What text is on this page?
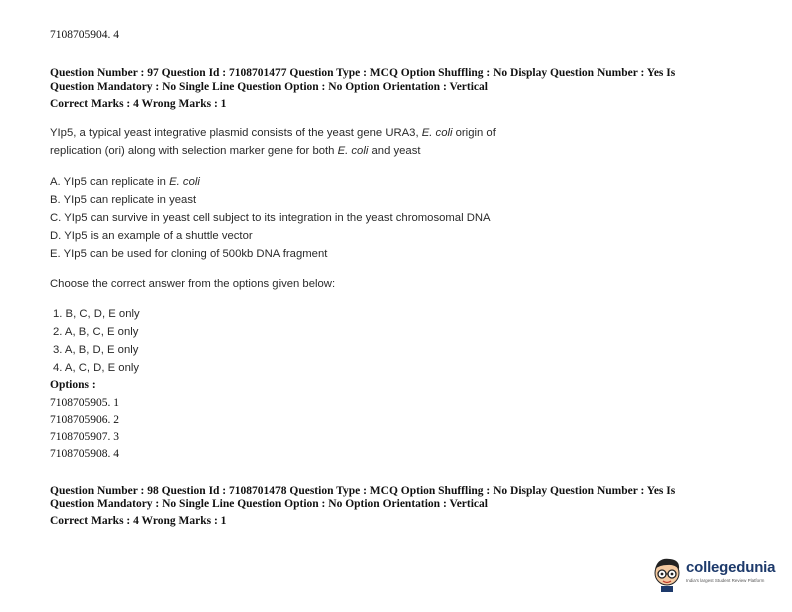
7108705904. 4
Question Number : 97 Question Id : 7108701477 Question Type : MCQ Option Shuffling : No Display Question Number : Yes Is
Question Mandatory : No Single Line Question Option : No Option Orientation : Vertical
Correct Marks : 4 Wrong Marks : 1
YIp5, a typical yeast integrative plasmid consists of the yeast gene URA3, E. coli origin of
replication (ori) along with selection marker gene for both E. coli and yeast
A. YIp5 can replicate in E. coli
B. YIp5 can replicate in yeast
C. YIp5 can survive in yeast cell subject to its integration in the yeast chromosomal DNA
D. YIp5 is an example of a shuttle vector
E. YIp5 can be used for cloning of 500kb DNA fragment
Choose the correct answer from the options given below:
1. B, C, D, E only
2. A, B, C, E only
3. A, B, D, E only
4. A, C, D, E only
Options :
7108705905. 1
7108705906. 2
7108705907. 3
7108705908. 4
Question Number : 98 Question Id : 7108701478 Question Type : MCQ Option Shuffling : No Display Question Number : Yes Is
Question Mandatory : No Single Line Question Option : No Option Orientation : Vertical
Correct Marks : 4 Wrong Marks : 1
collegedunia
India's largest Student Review Platform
